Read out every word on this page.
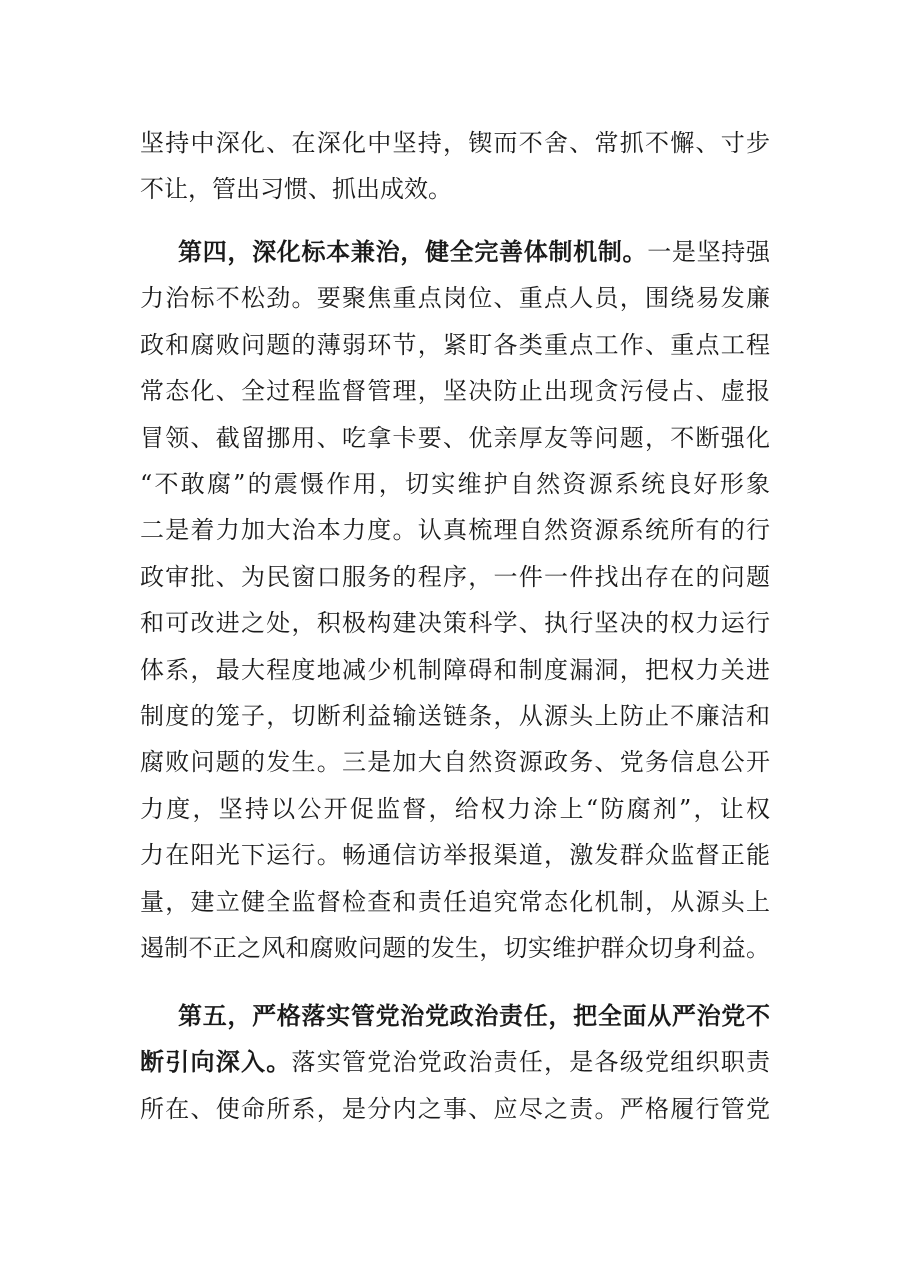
坚持中深化、在深化中坚持，锲而不舍、常抓不懈、寸步
不让，管出习惯、抓出成效。
第四，深化标本兼治，健全完善体制机制。一是坚持强
力治标不松劲。要聚焦重点岗位、重点人员，围绕易发廉
政和腐败问题的薄弱环节，紧盯各类重点工作、重点工程
常态化、全过程监督管理，坚决防止出现贪污侵占、虚报
冒领、截留挪用、吃拿卡要、优亲厚友等问题，不断强化
“不敢腐”的震慑作用，切实维护自然资源系统良好形象
二是着力加大治本力度。认真梳理自然资源系统所有的行
政审批、为民窗口服务的程序，一件一件找出存在的问题
和可改进之处，积极构建决策科学、执行坚决的权力运行
体系，最大程度地减少机制障碍和制度漏洞，把权力关进
制度的笼子，切断利益输送链条，从源头上防止不廉洁和
腐败问题的发生。三是加大自然资源政务、党务信息公开
力度，坚持以公开促监督，给权力涂上“防腐剂”，让权
力在阳光下运行。畅通信访举报渠道，激发群众监督正能
量，建立健全监督检查和责任追究常态化机制，从源头上
遏制不正之风和腐败问题的发生，切实维护群众切身利益。
第五，严格落实管党治党政治责任，把全面从严治党不
断引向深入。落实管党治党政治责任，是各级党组织职责
所在、使命所系，是分内之事、应尽之责。严格履行管党
